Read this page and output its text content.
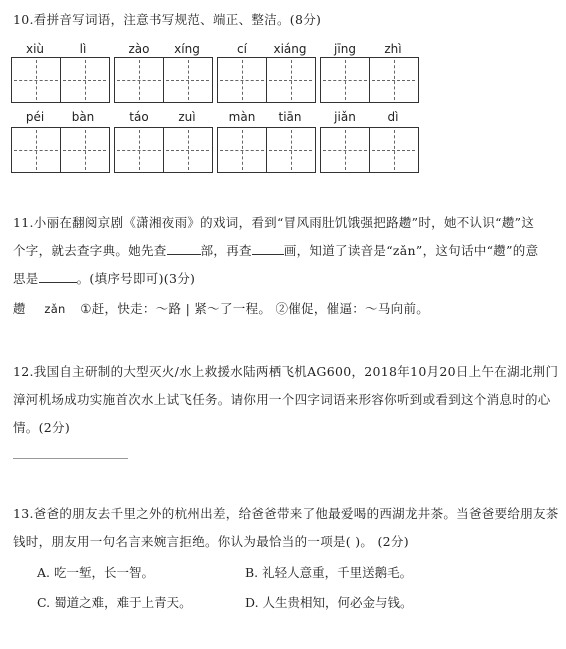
10.看拼音写词语，注意书写规范、端正、整洁。(8分)
xiù	lì	zào	xíng	cí	xiáng	jīng	zhì
péi	bàn	táo	zuì	màn	tiān	jiǎn	dì
11.小丽在翻阅京剧《潇湘夜雨》的戏词，看到“冒风雨肚饥饿强把路趱”时，她不认识“趱”这
个字，就去查字典。她先查	部，再查	画，知道了读音是“zǎn”，这句话中“趱”的意
思是	。(填序号即可)(3分)
趱 zǎn ①赶，快走：～路 | 紧～了一程。 ②催促，催逼：～马向前。
12.我国自主研制的大型灭火/水上救援水陆两栖飞机AG600，2018年10月20日上午在湖北荆门
漳河机场成功实施首次水上试飞任务。请你用一个四字词语来形容你听到或看到这个消息时的心
情。(2分)
13.爸爸的朋友去千里之外的杭州出差，给爸爸带来了他最爱喝的西湖龙井茶。当爸爸要给朋友茶
钱时，朋友用一句名言来婉言拒绝。你认为最恰当的一项是( )。 (2分)
A. 吃一堑，长一智。	B. 礼轻人意重，千里送鹅毛。
C. 蜀道之难，难于上青天。	D. 人生贵相知，何必金与钱。
